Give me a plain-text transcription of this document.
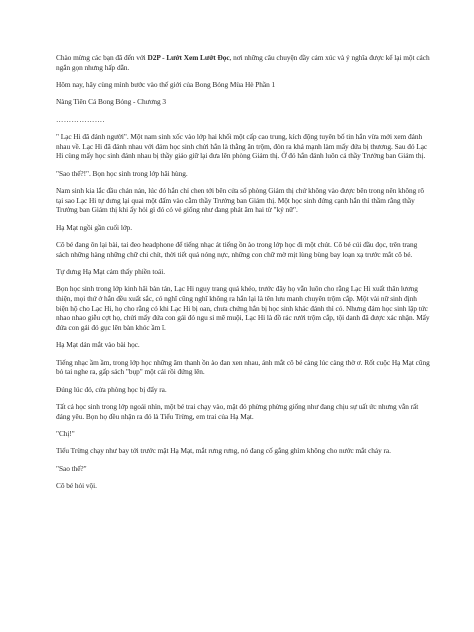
Chào mừng các bạn đã đến với D2P - Lướt Xem Lướt Đọc, nơi những câu chuyện đầy cảm xúc và ý nghĩa được kể lại một cách ngắn gọn nhưng hấp dẫn.

Hôm nay, hãy cùng mình bước vào thế giới của Bong Bóng Mùa Hè Phần 1

Nàng Tiên Cá Bong Bóng - Chương 3

……………….

" Lạc Hi đã đánh người". Một nam sinh xốc vào lớp hai khối một cấp cao trung, kích động tuyên bố tin hắn vừa mới xem đánh nhau về. Lạc Hi đã đánh nhau với đám học sinh chửi hắn là thằng ăn trộm, đòn ra khá mạnh làm mấy đứa bị thương. Sau đó Lạc Hi cùng mấy học sinh đánh nhau bị thầy giáo giữ lại đưa lên phòng Giám thị. Ở đó hắn đánh luôn cả thầy Trưởng ban Giám thị.

"Sao thế?!". Bọn học sinh trong lớp hãi hùng.

Nam sinh kia lắc đầu chán nản, lúc đó hắn chỉ chen tới bên cửa sổ phòng Giám thị chứ không vào được bên trong nên không rõ tại sao Lạc Hi tự dưng lại quai một đấm vào cằm thầy Trưởng ban Giám thị. Một học sinh đứng cạnh hắn thì thầm rằng thầy Trưởng ban Giám thị khi ấy hỏi gì đó có vẻ giống như đang phát âm hai từ "ký nữ".

Hạ Mạt ngồi gần cuối lớp.

Cô bé đang ôn lại bài, tai đeo headphone để tiếng nhạc át tiếng ồn ào trong lớp học đi một chút. Cô bé cúi đầu đọc, trên trang sách những hàng những chữ chi chít, thời tiết quá nóng nực, những con chữ mờ mịt lùng bùng bay loạn xạ trước mắt cô bé.

Tự dưng Hạ Mạt cảm thấy phiền toái.

Bọn học sinh trong lớp kinh hãi bàn tán, Lạc Hi nguy trang quá khéo, trước đây họ vẫn luôn cho rằng Lạc Hi xuất thân lương thiện, mọi thứ ở hắn đều xuất sắc, có nghĩ cũng nghĩ không ra hắn lại là tên lưu manh chuyên trộm cắp. Một vài nữ sinh định biện hộ cho Lạc Hi, họ cho rằng có khi Lạc Hi bị oan, chưa chứng hắn bị học sinh khác đánh thì có. Nhưng đám học sinh lập tức nhao nhao giễu cợt họ, chửi mấy đứa con gái đó ngu si mê muội, Lạc Hi là đồ rác rưởi trộm cắp, tội danh đã được xác nhận. Mấy đứa con gái đó gục lên bàn khóc ầm ĩ.

Hạ Mạt dán mắt vào bài học.

Tiếng nhạc ầm ầm, trong lớp học những âm thanh ồn ào đan xen nhau, ánh mắt cô bé càng lúc càng thờ ơ. Rốt cuộc Hạ Mạt cũng bỏ tai nghe ra, gấp sách "bụp" một cái rồi đứng lên.

Đúng lúc đó, cửa phòng học bị đẩy ra.

Tất cả học sinh trong lớp ngoái nhìn, một bé trai chạy vào, mặt đỏ phừng phừng giống như đang chịu sự uất ức nhưng vẫn rất đáng yêu. Bọn họ đều nhận ra đó là Tiểu Trừng, em trai của Hạ Mạt.

"Chị!"

Tiểu Trừng chạy như bay tới trước mặt Hạ Mạt, mắt rưng rưng, nó đang cố gắng ghìm không cho nước mắt chảy ra.

"Sao thế?"

Cô bé hỏi vội.
